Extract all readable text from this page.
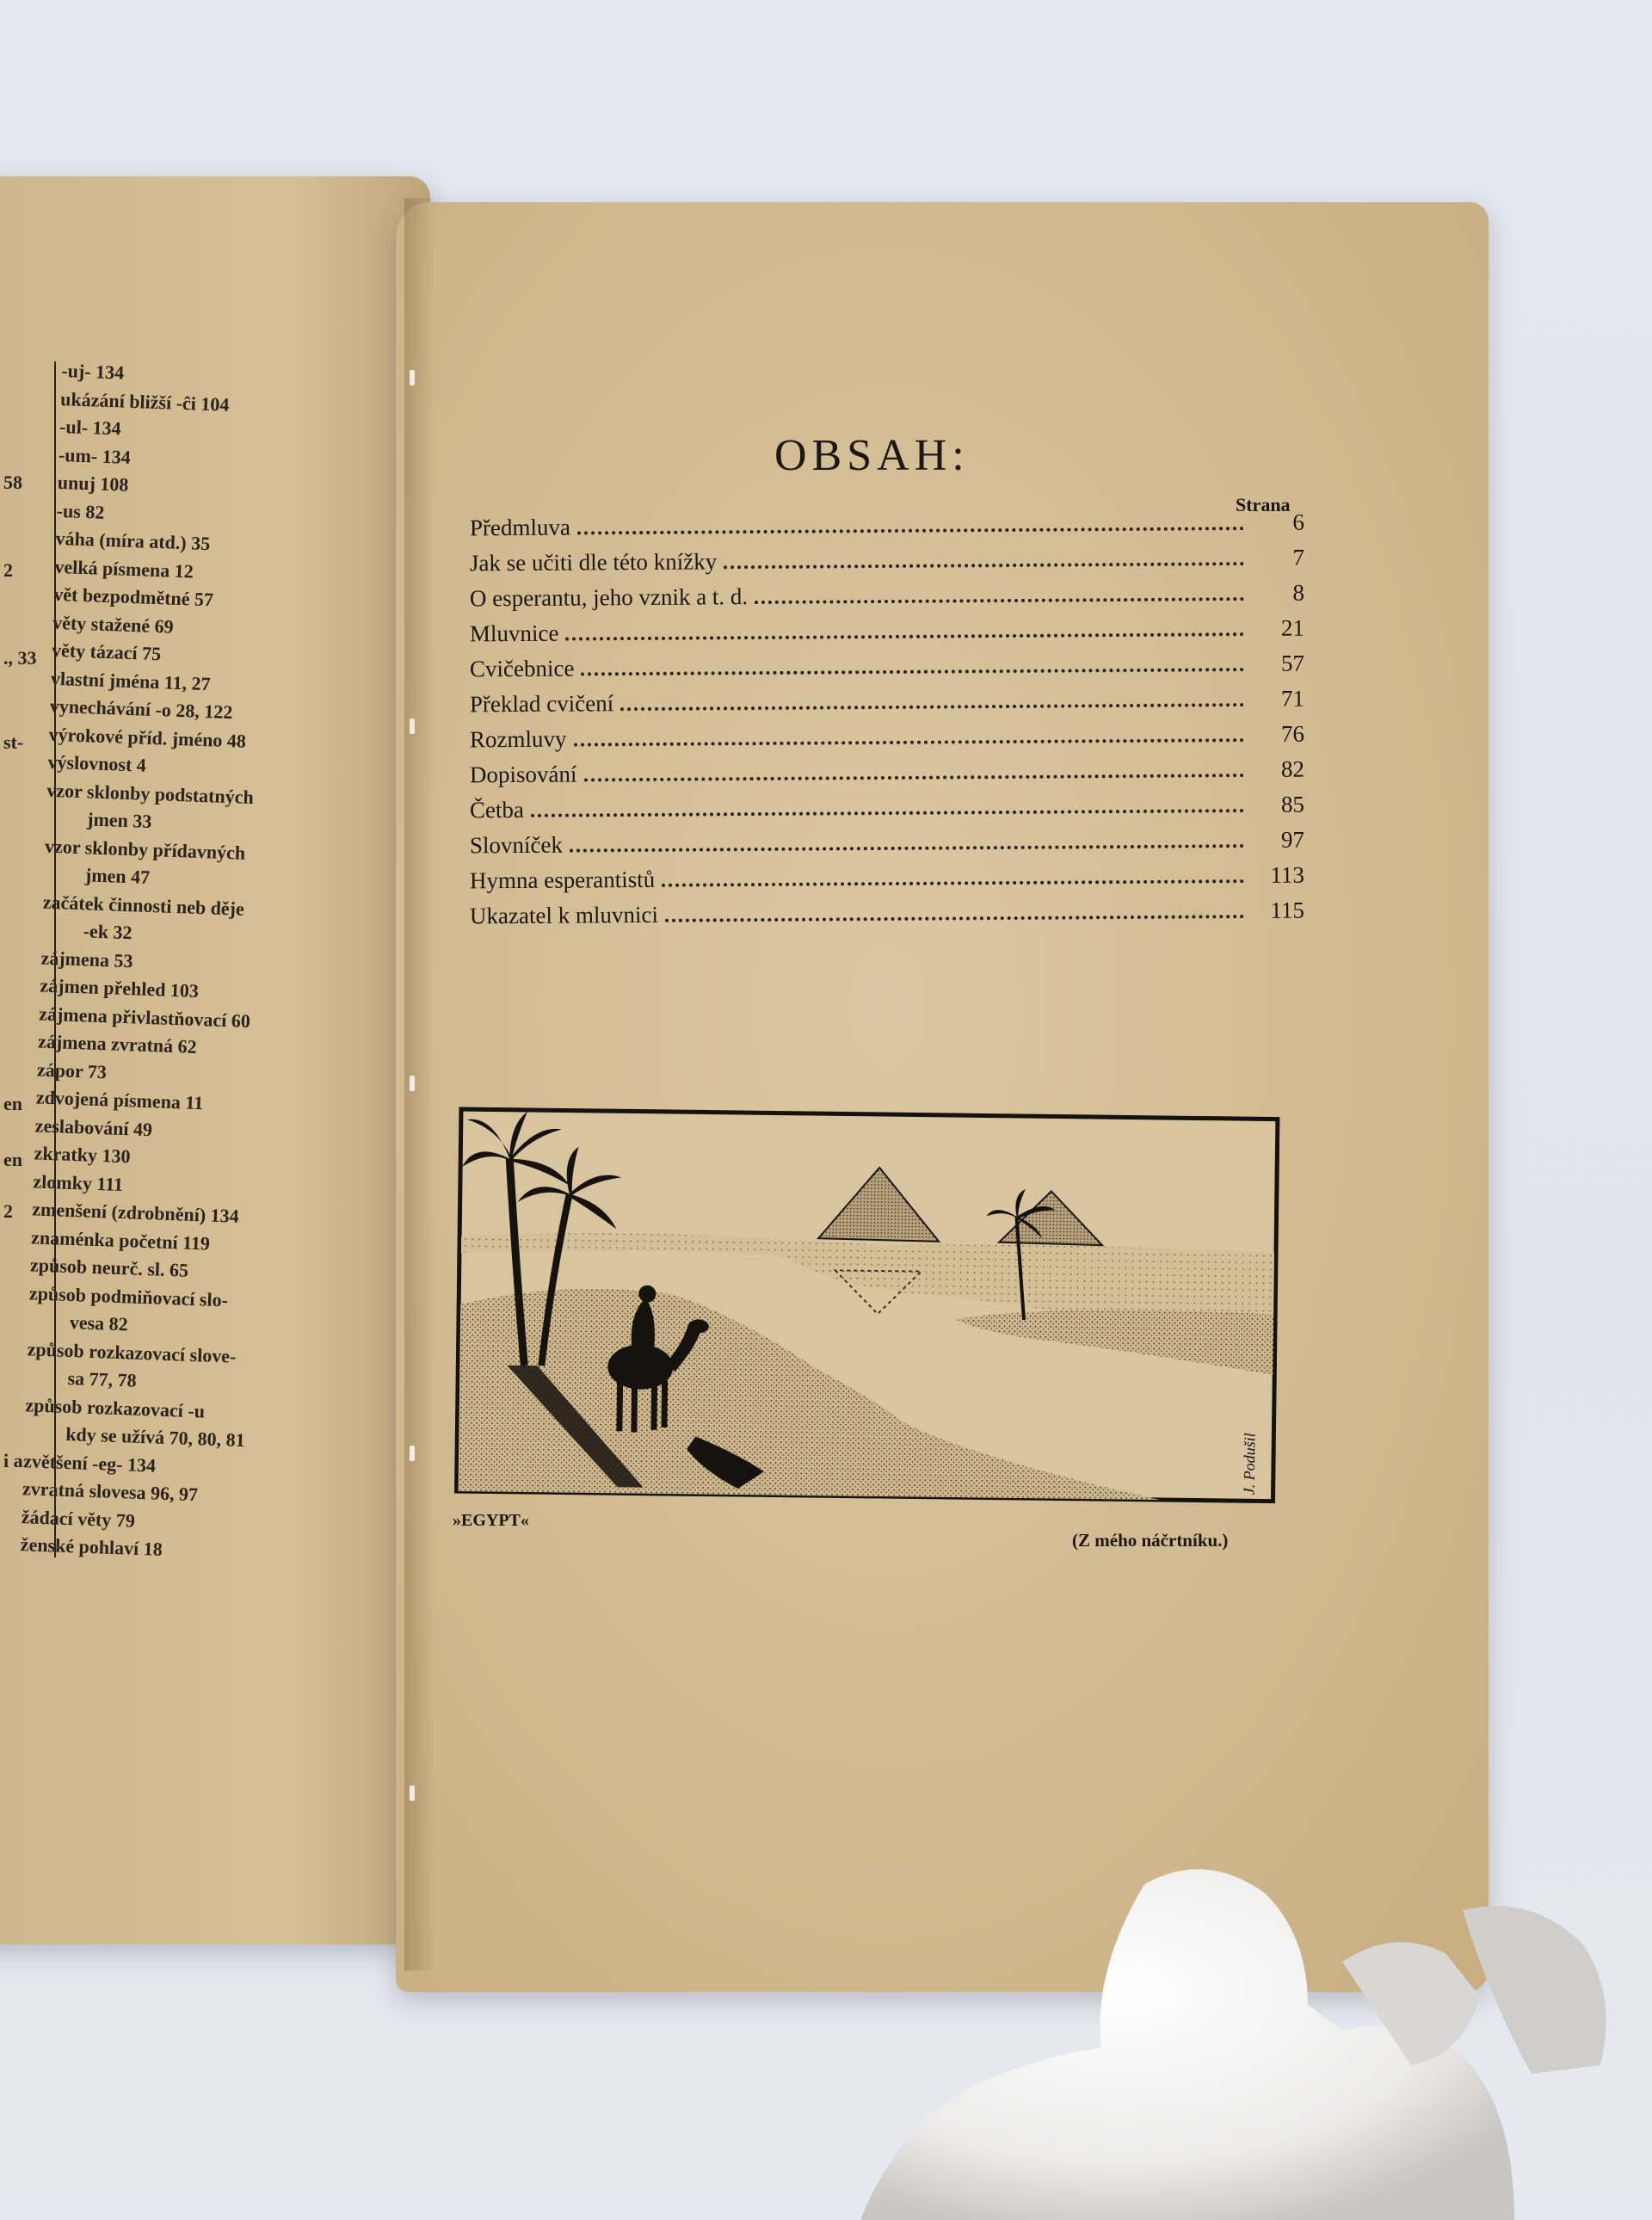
-uj- 134
ukázání bližší -ĉi 104
-ul- 134
-um- 134
unuj 108
-us 82
váha (míra atd.) 35
velká písmena 12
vět bezpodmětné 57
věty stažené 69
věty tázací 75
vlastní jména 11, 27
vynechávání -o 28, 122
výrokové příd. jméno 48
výslovnost 4
vzor sklonby podstatných
jmen 33
vzor sklonby přídavných
jmen 47
začátek činnosti neb děje
-ek 32
zájmena 53
zájmen přehled 103
zájmena přivlastňovací 60
zájmena zvratná 62
zápor 73
zdvojená písmena 11
zeslabování 49
zkratky 130
zlomky 111
zmenšení (zdrobnění) 134
znaménka početní 119
způsob neurč. sl. 65
způsob podmiňovací slo-
vesa 82
způsob rozkazovací slove-
sa 77, 78
způsob rozkazovací -u
kdy se užívá 70, 80, 81
zvětšení -eg- 134
zvratná slovesa 96, 97
žádací věty 79
ženské pohlaví 18
58
2
., 33
st-
en
en
2
i a
OBSAH:
Strana
Předmluva	6
Jak se učiti dle této knížky	7
O esperantu, jeho vznik a t. d.	8
Mluvnice	21
Cvičebnice	57
Překlad cvičení	71
Rozmluvy	76
Dopisování	82
Četba	85
Slovníček	97
Hymna esperantistů	113
Ukazatel k mluvnici	115
J. Podušil
»EGYPT«
(Z mého náčrtníku.)
